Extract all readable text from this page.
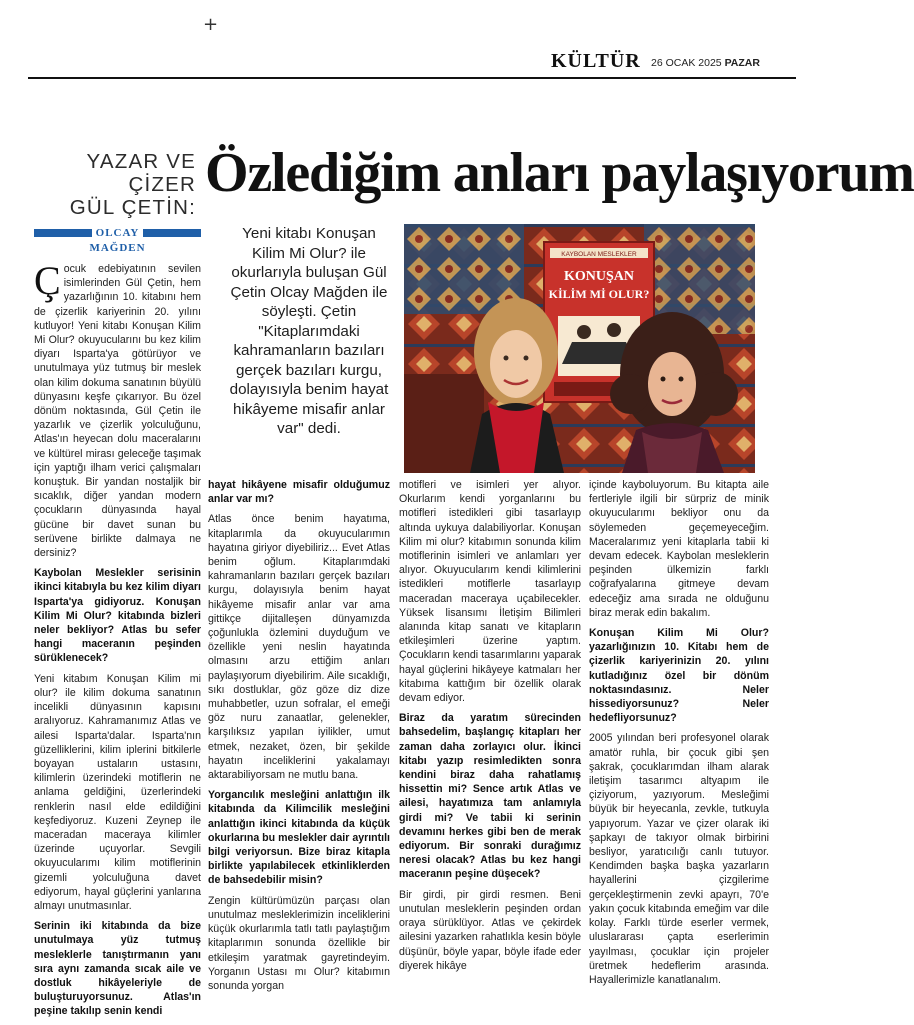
+
KÜLTÜR 26 OCAK 2025 PAZAR
YAZAR VE ÇİZER
GÜL ÇETİN:
Özlediğim anları paylaşıyorum
OLCAY
MAĞDEN

Çocuk edebiyatının sevilen isimlerinden Gül Çetin, hem yazarlığının 10. kitabını hem de çizerlik kariyerinin 20. yılını kutluyor! Yeni kitabı Konuşan Kilim Mi Olur? okuyucularını bu kez kilim diyarı Isparta'ya götürüyor ve unutulmaya yüz tutmuş bir meslek olan kilim dokuma sanatının büyülü dünyasını keşfe çıkarıyor. Bu özel dönüm noktasında, Gül Çetin ile yazarlık ve çizerlik yolculuğunu, Atlas'ın heyecan dolu maceralarını ve kültürel mirası geleceğe taşımak için yaptığı ilham verici çalışmaları konuştuk. Bir yandan nostaljik bir sıcaklık, diğer yandan modern çocukların dünyasında hayal gücüne bir davet sunan bu serüvene birlikte dalmaya ne dersiniz?

Kaybolan Meslekler serisinin ikinci kitabıyla bu kez kilim diyarı Isparta'ya gidiyoruz. Konuşan Kilim Mi Olur? kitabında bizleri neler bekliyor? Atlas bu sefer hangi maceranın peşinden sürüklenecek?

Yeni kitabım Konuşan Kilim mi olur? ile kilim dokuma sanatının incelikli dünyasının kapısını aralıyoruz. Kahramanımız Atlas ve ailesi Isparta'dalar. Isparta'nın güzelliklerini, kilim iplerini bitkilerle boyayan ustaların ustasını, kilimlerin üzerindeki motiflerin ne anlama geldiğini, üzerlerindeki renklerin nasıl elde edildiğini keşfediyoruz. Kuzeni Zeynep ile maceradan maceraya kilimler üzerinde uçuyorlar. Sevgili okuyucularımı kilim motiflerinin gizemli yolculuğuna davet ediyorum, hayal güçlerini yanlarına almayı unutmasınlar.

Serinin iki kitabında da bize unutulmaya yüz tutmuş mesleklerle tanıştırmanın yanı sıra aynı zamanda sıcak aile ve dostluk hikâyeleriyle de buluşturuyorsunuz. Atlas'ın peşine takılıp senin kendi

Yeni kitabı Konuşan Kilim Mi Olur? ile okurlarıyla buluşan Gül Çetin Olcay Mağden ile söyleşti. Çetin "Kitaplarımdaki kahramanların bazıları gerçek bazıları kurgu, dolayısıyla benim hayat hikâyeme misafir anlar var" dedi.
KAYBOLAN MESLEKLER
KONUŞAN
KİLİM Mİ OLUR?

hayat hikâyene misafir olduğumuz anlar var mı?

Atlas önce benim hayatıma, kitaplarımla da okuyucularımın hayatına giriyor diyebiliriz... Evet Atlas benim oğlum. Kitaplarımdaki kahramanların bazıları gerçek bazıları kurgu, dolayısıyla benim hayat hikâyeme misafir anlar var ama gittikçe dijitalleşen dünyamızda çoğunlukla özlemini duyduğum ve özellikle yeni neslin hayatında olmasını arzu ettiğim anları paylaşıyorum diyebilirim. Aile sıcaklığı, sıkı dostluklar, göz göze diz dize muhabbetler, uzun sofralar, el emeği göz nuru zanaatlar, gelenekler, karşılıksız yapılan iyilikler, umut etmek, nezaket, özen, bir şekilde hayatın inceliklerini yakalamayı aktarabiliyorsam ne mutlu bana.

Yorgancılık mesleğini anlattığın ilk kitabında da Kilimcilik mesleğini anlattığın ikinci kitabında da küçük okurlarına bu meslekler dair ayrıntılı bilgi veriyorsun. Bize biraz kitapla birlikte yapılabilecek etkinliklerden de bahsedebilir misin?

Zengin kültürümüzün parçası olan unutulmaz mesleklerimizin inceliklerini küçük okurlarımla tatlı tatlı paylaştığım kitaplarımın sonunda özellikle bir etkileşim yaratmak gayretindeyim. Yorganın Ustası mı Olur? kitabımın sonunda yorgan

motifleri ve isimleri yer alıyor. Okurlarım kendi yorganlarını bu motifleri istedikleri gibi tasarlayıp altında uykuya dalabiliyorlar. Konuşan Kilim mi olur? kitabımın sonunda kilim motiflerinin isimleri ve anlamları yer alıyor. Okuyucularım kendi kilimlerini istedikleri motiflerle tasarlayıp maceradan maceraya uçabilecekler. Yüksek lisansımı İletişim Bilimleri alanında kitap sanatı ve kitapların etkileşimleri üzerine yaptım. Çocukların kendi tasarımlarını yaparak hayal güçlerini hikâyeye katmaları her kitabıma kattığım bir özellik olarak devam ediyor.

Biraz da yaratım sürecinden bahsedelim, başlangıç kitapları her zaman daha zorlayıcı olur. İkinci kitabı yazıp resimledikten sonra kendini biraz daha rahatlamış hissettin mi? Sence artık Atlas ve ailesi, hayatımıza tam anlamıyla girdi mi? Ve tabii ki serinin devamını herkes gibi ben de merak ediyorum. Bir sonraki durağımız neresi olacak? Atlas bu kez hangi maceranın peşine düşecek?

Bir girdi, pir girdi resmen. Beni unutulan mesleklerin peşinden ordan oraya sürüklüyor. Atlas ve çekirdek ailesini yazarken rahatlıkla kesin böyle düşünür, böyle yapar, böyle ifade eder diyerek hikâye

içinde kayboluyorum. Bu kitapta aile fertleriyle ilgili bir sürpriz de minik okuyucularımı bekliyor onu da söylemeden geçemeyeceğim. Maceralarımız yeni kitaplarla tabii ki devam edecek. Kaybolan mesleklerin peşinden ülkemizin farklı coğrafyalarına gitmeye devam edeceğiz ama sırada ne olduğunu biraz merak edin bakalım.

Konuşan Kilim Mi Olur? yazarlığınızın 10. Kitabı hem de çizerlik kariyerinizin 20. yılını kutladığınız özel bir dönüm noktasındasınız. Neler hissediyorsunuz? Neler hedefliyorsunuz?

2005 yılından beri profesyonel olarak amatör ruhla, bir çocuk gibi şen şakrak, çocuklarımdan ilham alarak iletişim tasarımcı altyapım ile çiziyorum, yazıyorum. Mesleğimi büyük bir heyecanla, zevkle, tutkuyla yapıyorum. Yazar ve çizer olarak iki şapkayı de takıyor olmak birbirini besliyor, yaratıcılığı canlı tutuyor. Kendimden başka başka yazarların hayallerini çizgilerime gerçekleştirmenin zevki apayrı, 70'e yakın çocuk kitabında emeğim var dile kolay. Farklı türde eserler vermek, uluslararası çapta eserlerimin yayılması, çocuklar için projeler üretmek hedeflerim arasında. Hayallerimizle kanatlanalım.
